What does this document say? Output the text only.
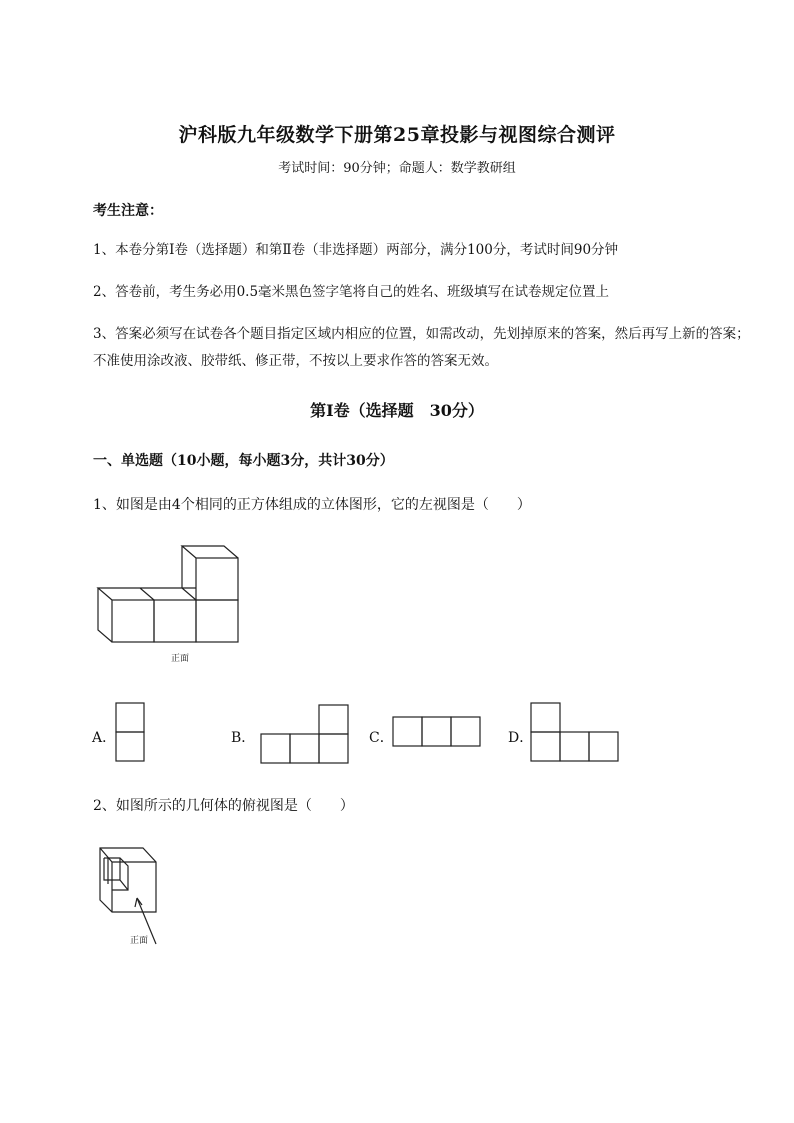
沪科版九年级数学下册第25章投影与视图综合测评
考试时间：90分钟；命题人：数学教研组
考生注意：
1、本卷分第I卷（选择题）和第Ⅱ卷（非选择题）两部分，满分100分，考试时间90分钟
2、答卷前，考生务必用0.5毫米黑色签字笔将自己的姓名、班级填写在试卷规定位置上
3、答案必须写在试卷各个题目指定区域内相应的位置，如需改动，先划掉原来的答案，然后再写上新的答案；不准使用涂改液、胶带纸、修正带，不按以上要求作答的答案无效。
第I卷（选择题　30分）
一、单选题（10小题，每小题3分，共计30分）
1、如图是由4个相同的正方体组成的立体图形，它的左视图是（　　）
正面
A．	B．	C．	D．
2、如图所示的几何体的俯视图是（　　）
正面
